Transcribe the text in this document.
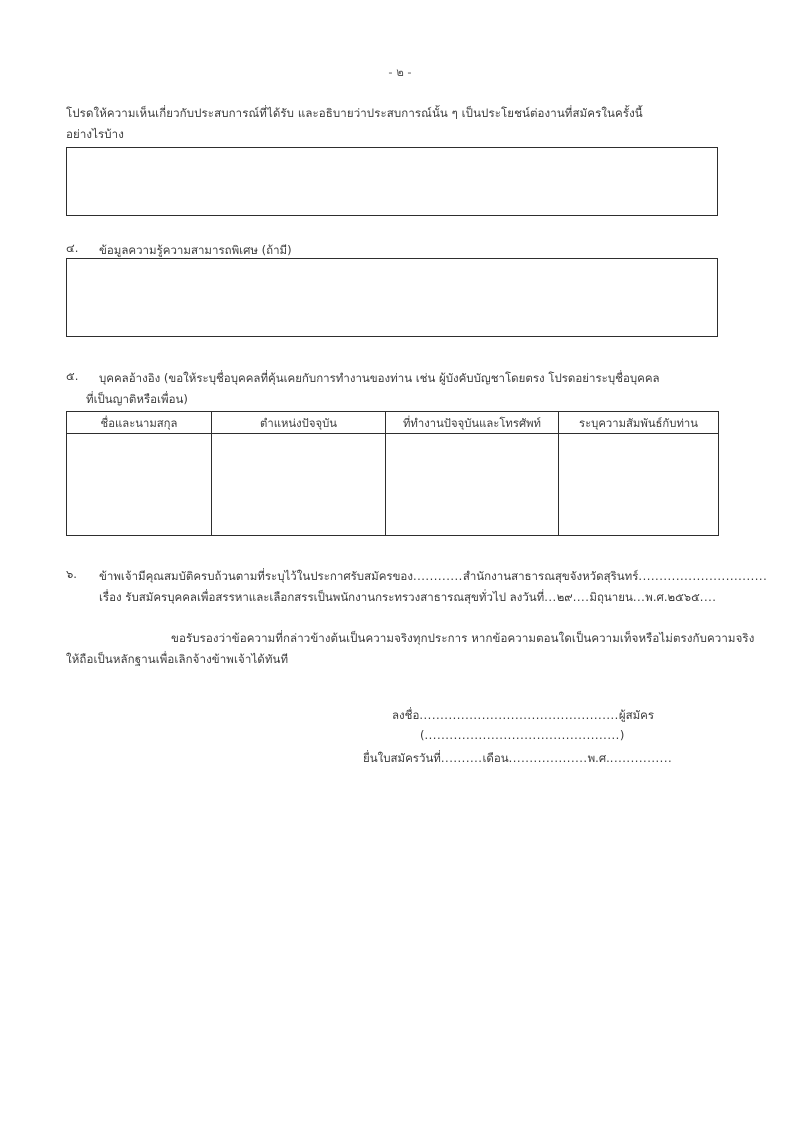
- ๒ -
โปรดให้ความเห็นเกี่ยวกับประสบการณ์ที่ได้รับ และอธิบายว่าประสบการณ์นั้น ๆ เป็นประโยชน์ต่องานที่สมัครในครั้งนี้
อย่างไรบ้าง
๔. ข้อมูลความรู้ความสามารถพิเศษ (ถ้ามี)
๕. บุคคลอ้างอิง (ขอให้ระบุชื่อบุคคลที่คุ้นเคยกับการทำงานของท่าน เช่น ผู้บังคับบัญชาโดยตรง โปรดอย่าระบุชื่อบุคคล
ที่เป็นญาติหรือเพื่อน)
ชื่อและนามสกุล	ตำแหน่งปัจจุบัน	ที่ทำงานปัจจุบันและโทรศัพท์	ระบุความสัมพันธ์กับท่าน

๖. ข้าพเจ้ามีคุณสมบัติครบถ้วนตามที่ระบุไว้ในประกาศรับสมัครของ............สำนักงานสาธารณสุขจังหวัดสุรินทร์...............................
เรื่อง รับสมัครบุคคลเพื่อสรรหาและเลือกสรรเป็นพนักงานกระทรวงสาธารณสุขทั่วไป ลงวันที่...๒๙....มิถุนายน...พ.ศ.๒๕๖๕....
ขอรับรองว่าข้อความที่กล่าวข้างต้นเป็นความจริงทุกประการ หากข้อความตอนใดเป็นความเท็จหรือไม่ตรงกับความจริง
ให้ถือเป็นหลักฐานเพื่อเลิกจ้างข้าพเจ้าได้ทันที
ลงชื่อ................................................ผู้สมัคร
(...............................................)
ยื่นใบสมัครวันที่..........เดือน...................พ.ศ................
